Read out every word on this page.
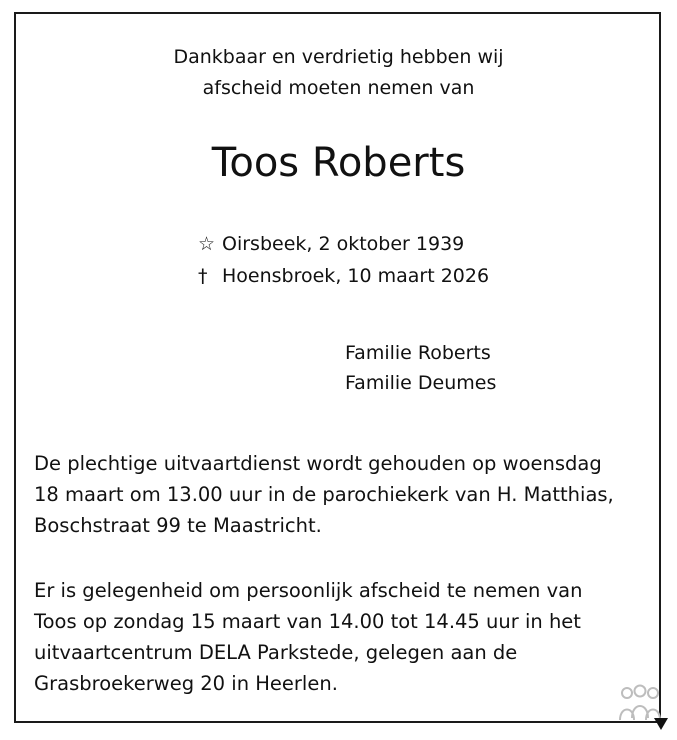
Dankbaar en verdrietig hebben wij
afscheid moeten nemen van
Toos Roberts
☆ Oirsbeek, 2 oktober 1939
† Hoensbroek, 10 maart 2026
Familie Roberts
Familie Deumes
De plechtige uitvaartdienst wordt gehouden op woensdag
18 maart om 13.00 uur in de parochiekerk van H. Matthias,
Boschstraat 99 te Maastricht.
Er is gelegenheid om persoonlijk afscheid te nemen van
Toos op zondag 15 maart van 14.00 tot 14.45 uur in het
uitvaartcentrum DELA Parkstede, gelegen aan de
Grasbroekerweg 20 in Heerlen.
